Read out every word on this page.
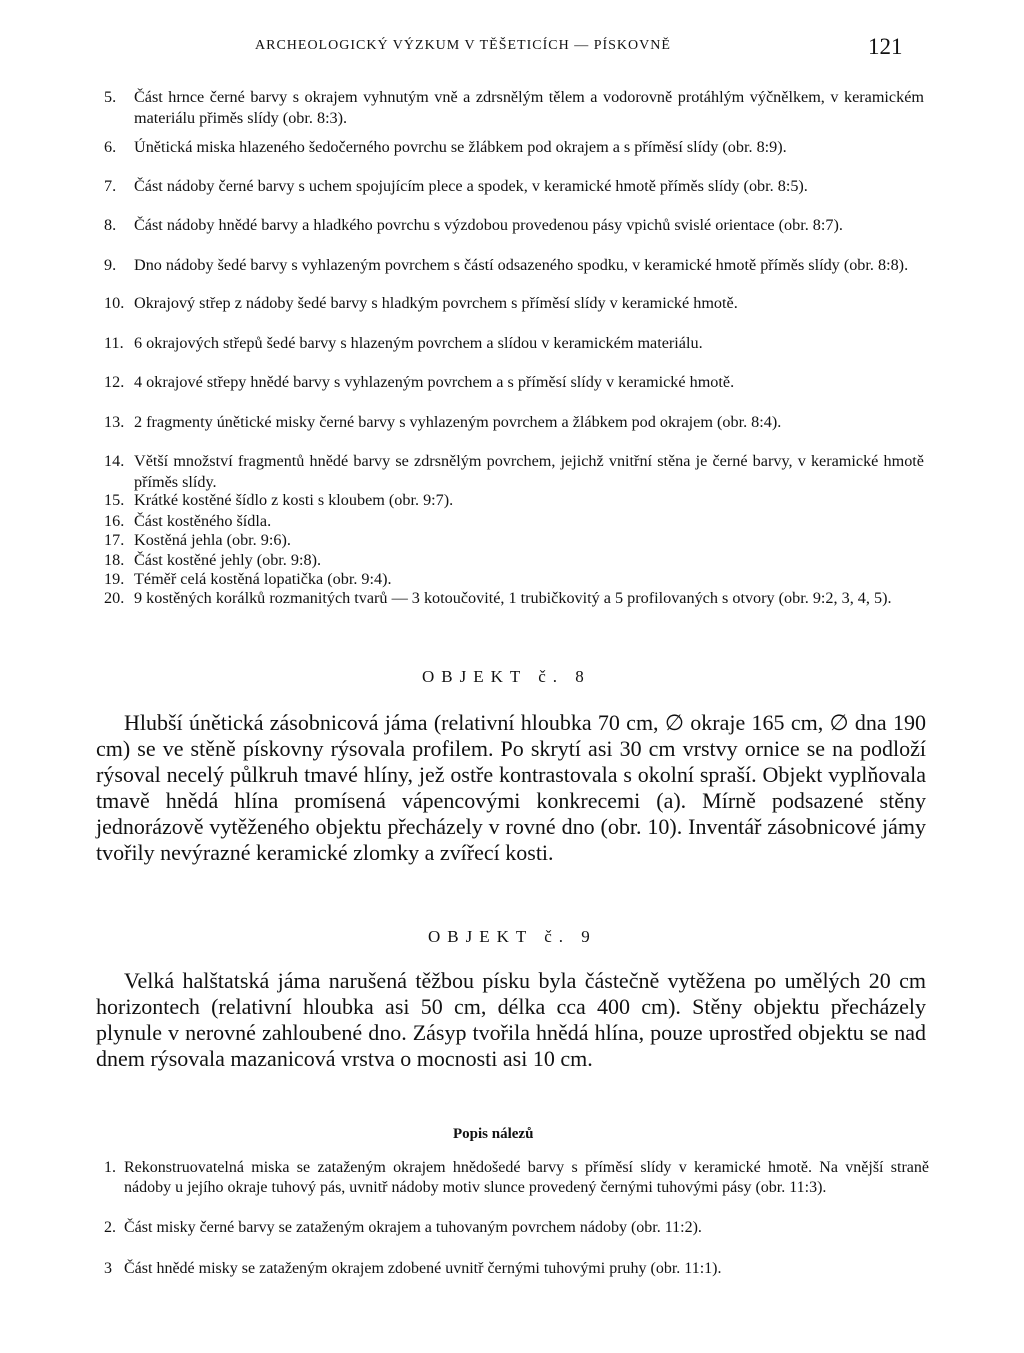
ARCHEOLOGICKÝ VÝZKUM V TĚŠETICÍCH — PÍSKOVNĚ	121
5.	Část hrnce černé barvy s okrajem vyhnutým vně a zdrsnělým tělem a vodorovně protáhlým výčnělkem, v keramickém materiálu přiměs slídy (obr. 8:3).
6.	Únětická miska hlazeného šedočerného povrchu se žlábkem pod okrajem a s příměsí slídy (obr. 8:9).
7.	Část nádoby černé barvy s uchem spojujícím plece a spodek, v keramické hmotě příměs slídy (obr. 8:5).
8.	Část nádoby hnědé barvy a hladkého povrchu s výzdobou provedenou pásy vpichů svislé orientace (obr. 8:7).
9.	Dno nádoby šedé barvy s vyhlazeným povrchem s částí odsazeného spodku, v keramické hmotě příměs slídy (obr. 8:8).
10. Okrajový střep z nádoby šedé barvy s hladkým povrchem s příměsí slídy v keramické hmotě.
11. 6 okrajových střepů šedé barvy s hlazeným povrchem a slídou v keramickém materiálu.
12. 4 okrajové střepy hnědé barvy s vyhlazeným povrchem a s příměsí slídy v keramické hmotě.
13. 2 fragmenty únětické misky černé barvy s vyhlazeným povrchem a žlábkem pod okrajem (obr. 8:4).
14. Větší množství fragmentů hnědé barvy se zdrsnělým povrchem, jejichž vnitřní stěna je černé barvy, v keramické hmotě příměs slídy.
15. Krátké kostěné šídlo z kosti s kloubem (obr. 9:7).
16. Část kostěného šídla.
17. Kostěná jehla (obr. 9:6).
18. Část kostěné jehly (obr. 9:8).
19. Téměř celá kostěná lopatička (obr. 9:4).
20. 9 kostěných korálků rozmanitých tvarů — 3 kotoučovité, 1 trubičkovitý a 5 profilovaných s otvory (obr. 9:2, 3, 4, 5).
OBJEKT č. 8
Hlubší únětická zásobnicová jáma (relativní hloubka 70 cm, ∅ okraje 165 cm, ∅ dna 190 cm) se ve stěně pískovny rýsovala profilem. Po skrytí asi 30 cm vrstvy ornice se na podloží rýsoval necelý půlkruh tmavé hlíny, jež ostře kontrastovala s okolní spraší. Objekt vyplňovala tmavě hnědá hlína promísená vápencovými konkrecemi (a). Mírně podsazené stěny jednorázově vytěženého objektu přecházely v rovné dno (obr. 10). Inventář zásobnicové jámy tvořily nevýrazné keramické zlomky a zvířecí kosti.
OBJEKT č. 9
Velká halštatská jáma narušená těžbou písku byla částečně vytěžena po umělých 20 cm horizontech (relativní hloubka asi 50 cm, délka cca 400 cm). Stěny objektu přecházely plynule v nerovné zahloubené dno. Zásyp tvořila hnědá hlína, pouze uprostřed objektu se nad dnem rýsovala mazanicová vrstva o mocnosti asi 10 cm.
Popis nálezů
1. Rekonstruovatelná miska se zataženým okrajem hnědošedé barvy s příměsí slídy v keramické hmotě. Na vnější straně nádoby u jejího okraje tuhový pás, uvnitř nádoby motiv slunce provedený černými tuhovými pásy (obr. 11:3).
2. Část misky černé barvy se zataženým okrajem a tuhovaným povrchem nádoby (obr. 11:2).
3 Část hnědé misky se zataženým okrajem zdobené uvnitř černými tuhovými pruhy (obr. 11:1).
